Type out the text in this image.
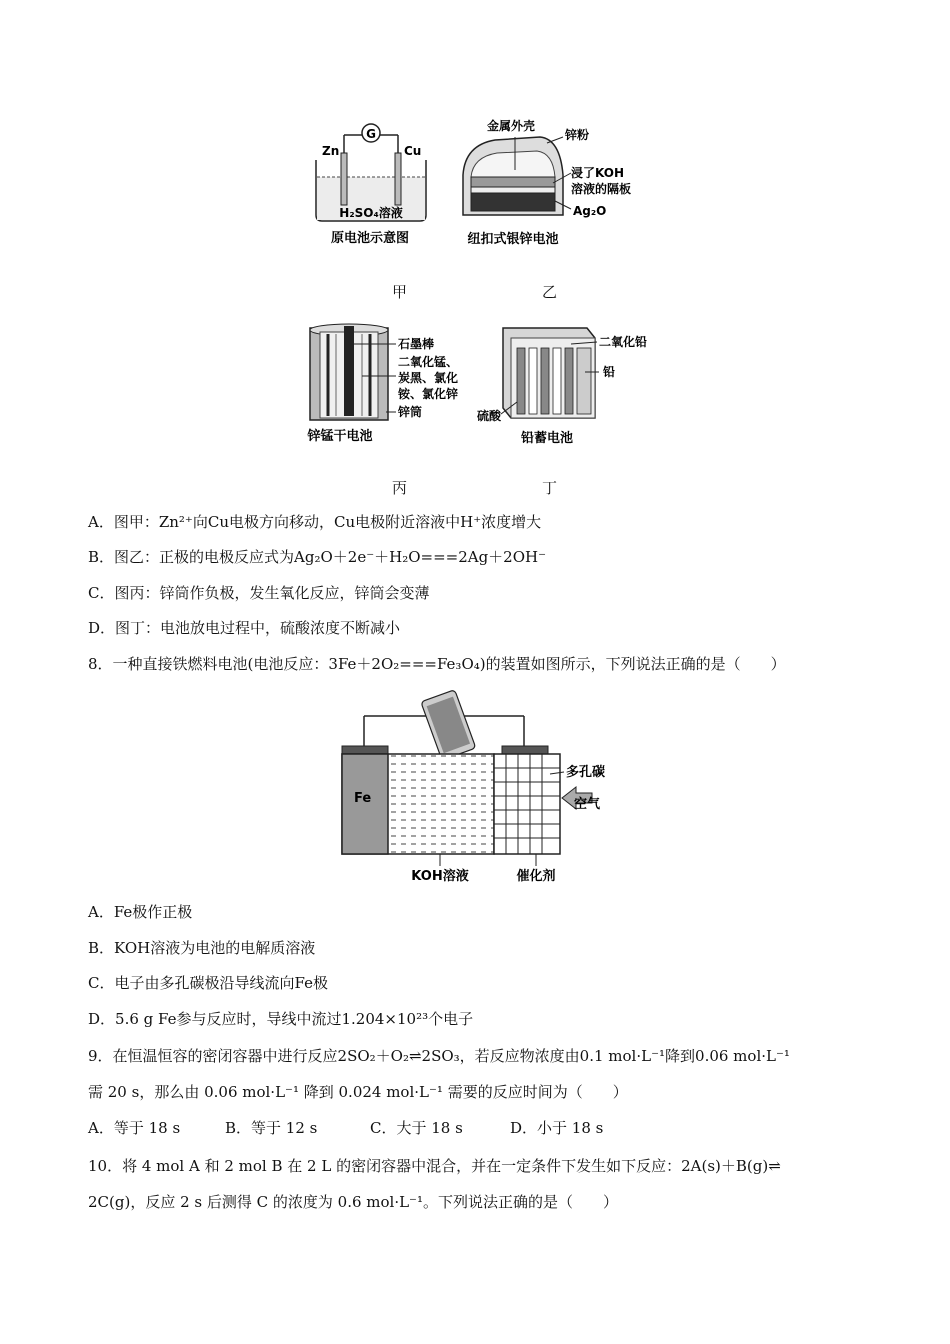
G
Zn	Cu
H₂SO₄溶液
原电池示意图
金属外壳
锌粉
浸了KOH
溶液的隔板
Ag₂O
纽扣式银锌电池
甲	乙
石墨棒
二氧化锰、
炭黑、氯化
铵、氯化锌
锌筒
锌锰干电池
二氧化铅
铅
硫酸
铅蓄电池
丙	丁
A．图甲：Zn²⁺向Cu电极方向移动，Cu电极附近溶液中H⁺浓度增大
B．图乙：正极的电极反应式为Ag₂O＋2e⁻＋H₂O===2Ag＋2OH⁻
C．图丙：锌筒作负极，发生氧化反应，锌筒会变薄
D．图丁：电池放电过程中，硫酸浓度不断减小
8．一种直接铁燃料电池(电池反应：3Fe＋2O₂===Fe₃O₄)的装置如图所示，下列说法正确的是（　　）
Fe
多孔碳
空气
KOH溶液	催化剂
A．Fe极作正极
B．KOH溶液为电池的电解质溶液
C．电子由多孔碳极沿导线流向Fe极
D．5.6 g Fe参与反应时，导线中流过1.204×10²³个电子
9．在恒温恒容的密闭容器中进行反应2SO₂＋O₂⇌2SO₃，若反应物浓度由0.1 mol·L⁻¹降到0.06 mol·L⁻¹
需 20 s，那么由 0.06 mol·L⁻¹ 降到 0.024 mol·L⁻¹ 需要的反应时间为（　　）
A．等于 18 s	B．等于 12 s	C．大于 18 s	D．小于 18 s
10．将 4 mol A 和 2 mol B 在 2 L 的密闭容器中混合，并在一定条件下发生如下反应：2A(s)＋B(g)⇌
2C(g)，反应 2 s 后测得 C 的浓度为 0.6 mol·L⁻¹。下列说法正确的是（　　）
